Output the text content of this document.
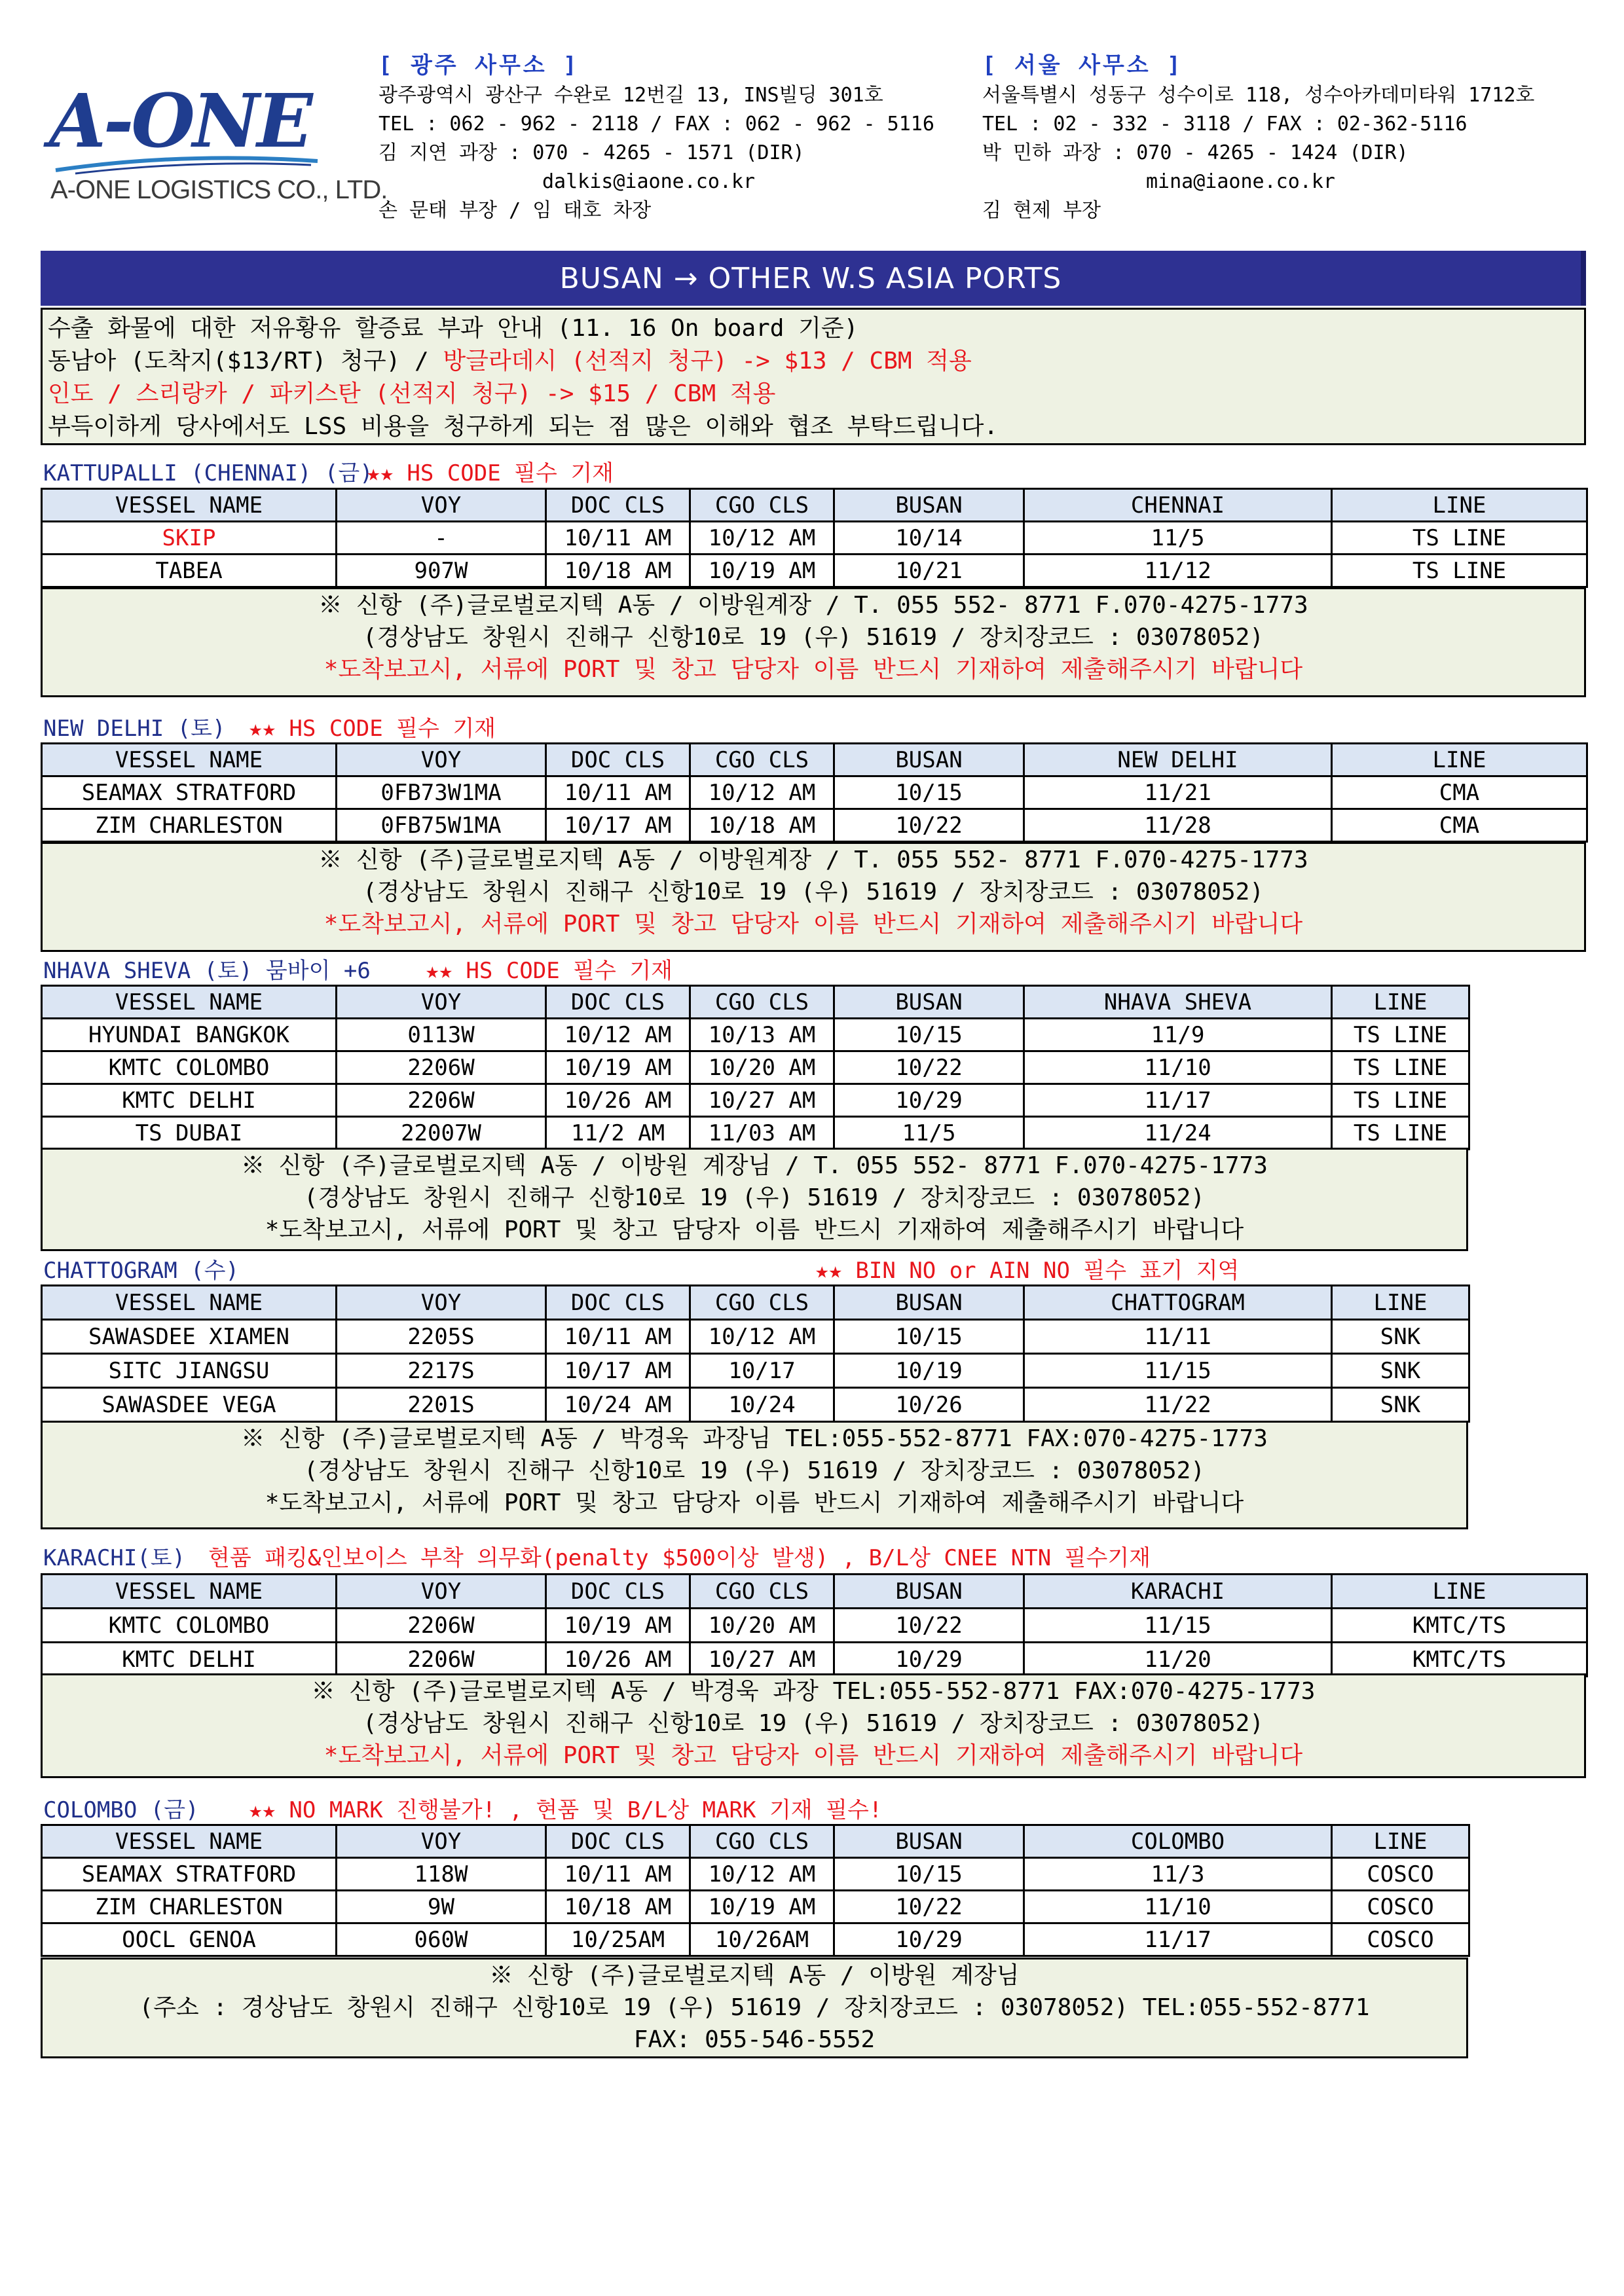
A-ONE
A-ONE LOGISTICS CO., LTD.
[ 광주 사무소 ]
광주광역시 광산구 수완로 12번길 13, INS빌딩 301호
TEL : 062 - 962 - 2118 / FAX : 062 - 962 - 5116
김 지연 과장 : 070 - 4265 - 1571 (DIR)
dalkis@iaone.co.kr
손 문태 부장 / 임 태호 차장
[ 서울 사무소 ]
서울특별시 성동구 성수이로 118, 성수아카데미타워 1712호
TEL : 02 - 332 - 3118 / FAX : 02-362-5116
박 민하 과장 : 070 - 4265 - 1424 (DIR)
mina@iaone.co.kr
김 현제 부장
BUSAN → OTHER W.S ASIA PORTS
수출 화물에 대한 저유황유 할증료 부과 안내 (11. 16 On board 기준)
동남아 (도착지($13/RT) 청구) / 방글라데시 (선적지 청구) -> $13 / CBM 적용
인도 / 스리랑카 / 파키스탄 (선적지 청구) -> $15 / CBM 적용
부득이하게 당사에서도 LSS 비용을 청구하게 되는 점 많은 이해와 협조 부탁드립니다.
KATTUPALLI (CHENNAI) (금)
★★ HS CODE 필수 기재
VESSEL NAME	VOY	DOC CLS	CGO CLS	BUSAN	CHENNAI	LINE
SKIP	-	10/11 AM	10/12 AM	10/14	11/5	TS LINE
TABEA	907W	10/18 AM	10/19 AM	10/21	11/12	TS LINE
※ 신항 (주)글로벌로지텍 A동 / 이방원계장 / T. 055 552- 8771 F.070-4275-1773
(경상남도 창원시 진해구 신항10로 19 (우) 51619 / 장치장코드 : 03078052)
*도착보고시, 서류에 PORT 및 창고 담당자 이름 반드시 기재하여 제출해주시기 바랍니다
NEW DELHI (토) ★★ HS CODE 필수 기재
VESSEL NAME	VOY	DOC CLS	CGO CLS	BUSAN	NEW DELHI	LINE
SEAMAX STRATFORD	0FB73W1MA	10/11 AM	10/12 AM	10/15	11/21	CMA
ZIM CHARLESTON	0FB75W1MA	10/17 AM	10/18 AM	10/22	11/28	CMA
※ 신항 (주)글로벌로지텍 A동 / 이방원계장 / T. 055 552- 8771 F.070-4275-1773
(경상남도 창원시 진해구 신항10로 19 (우) 51619 / 장치장코드 : 03078052)
*도착보고시, 서류에 PORT 및 창고 담당자 이름 반드시 기재하여 제출해주시기 바랍니다
NHAVA SHEVA (토) 뭄바이 +6 ★★ HS CODE 필수 기재
VESSEL NAME	VOY	DOC CLS	CGO CLS	BUSAN	NHAVA SHEVA	LINE
HYUNDAI BANGKOK	0113W	10/12 AM	10/13 AM	10/15	11/9	TS LINE
KMTC COLOMBO	2206W	10/19 AM	10/20 AM	10/22	11/10	TS LINE
KMTC DELHI	2206W	10/26 AM	10/27 AM	10/29	11/17	TS LINE
TS DUBAI	22007W	11/2 AM	11/03 AM	11/5	11/24	TS LINE
※ 신항 (주)글로벌로지텍 A동 / 이방원 계장님 / T. 055 552- 8771 F.070-4275-1773
(경상남도 창원시 진해구 신항10로 19 (우) 51619 / 장치장코드 : 03078052)
*도착보고시, 서류에 PORT 및 창고 담당자 이름 반드시 기재하여 제출해주시기 바랍니다
CHATTOGRAM (수)	★★ BIN NO or AIN NO 필수 표기 지역
VESSEL NAME	VOY	DOC CLS	CGO CLS	BUSAN	CHATTOGRAM	LINE
SAWASDEE XIAMEN	2205S	10/11 AM	10/12 AM	10/15	11/11	SNK
SITC JIANGSU	2217S	10/17 AM	10/17	10/19	11/15	SNK
SAWASDEE VEGA	2201S	10/24 AM	10/24	10/26	11/22	SNK
※ 신항 (주)글로벌로지텍 A동 / 박경욱 과장님 TEL:055-552-8771 FAX:070-4275-1773
(경상남도 창원시 진해구 신항10로 19 (우) 51619 / 장치장코드 : 03078052)
*도착보고시, 서류에 PORT 및 창고 담당자 이름 반드시 기재하여 제출해주시기 바랍니다
KARACHI(토) 현품 패킹&인보이스 부착 의무화(penalty $500이상 발생) , B/L상 CNEE NTN 필수기재
VESSEL NAME	VOY	DOC CLS	CGO CLS	BUSAN	KARACHI	LINE
KMTC COLOMBO	2206W	10/19 AM	10/20 AM	10/22	11/15	KMTC/TS
KMTC DELHI	2206W	10/26 AM	10/27 AM	10/29	11/20	KMTC/TS
※ 신항 (주)글로벌로지텍 A동 / 박경욱 과장 TEL:055-552-8771 FAX:070-4275-1773
(경상남도 창원시 진해구 신항10로 19 (우) 51619 / 장치장코드 : 03078052)
*도착보고시, 서류에 PORT 및 창고 담당자 이름 반드시 기재하여 제출해주시기 바랍니다
COLOMBO (금) ★★ NO MARK 진행불가! , 현품 및 B/L상 MARK 기재 필수!
VESSEL NAME	VOY	DOC CLS	CGO CLS	BUSAN	COLOMBO	LINE
SEAMAX STRATFORD	118W	10/11 AM	10/12 AM	10/15	11/3	COSCO
ZIM CHARLESTON	9W	10/18 AM	10/19 AM	10/22	11/10	COSCO
OOCL GENOA	060W	10/25AM	10/26AM	10/29	11/17	COSCO
※ 신항 (주)글로벌로지텍 A동 / 이방원 계장님
(주소 : 경상남도 창원시 진해구 신항10로 19 (우) 51619 / 장치장코드 : 03078052) TEL:055-552-8771
FAX: 055-546-5552
